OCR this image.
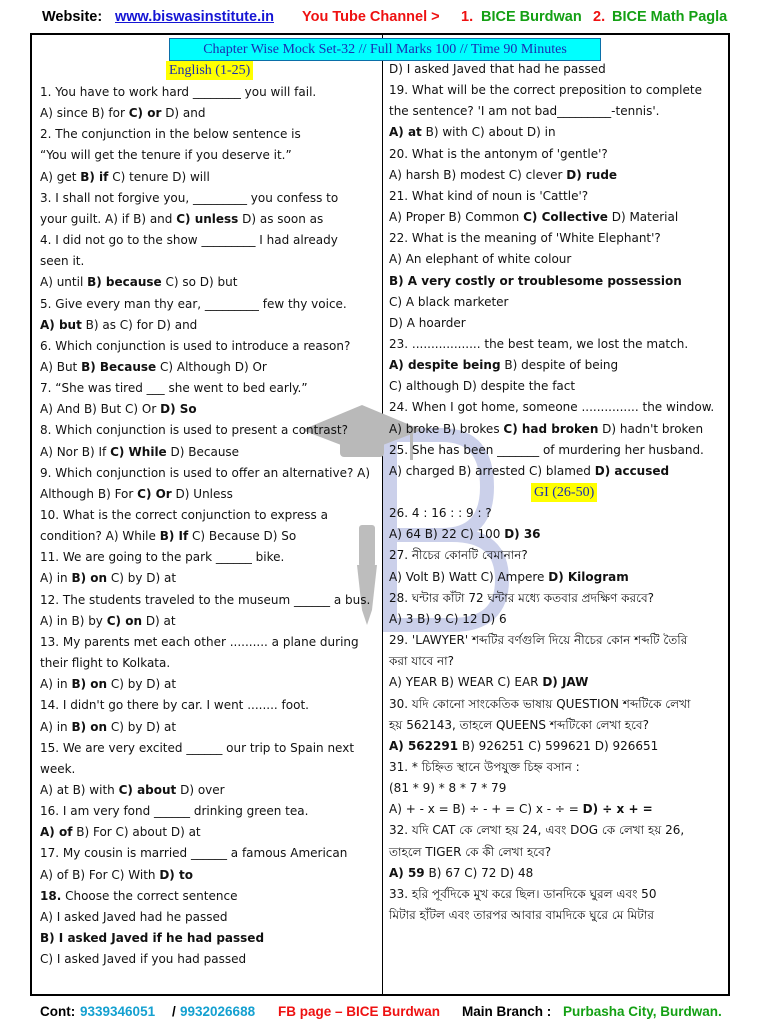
Website: www.biswasinstitute.in You Tube Channel > 1. BICE Burdwan 2. BICE Math Pagla
Chapter Wise Mock Set-32 // Full Marks 100 // Time 90 Minutes
English (1-25)
GI (26-50)
1. You have to work hard ________ you will fail.
A) since B) for C) or D) and
2. The conjunction in the below sentence is
“You will get the tenure if you deserve it.”
A) get B) if C) tenure D) will
3. I shall not forgive you, _________ you confess to
your guilt. A) if B) and C) unless D) as soon as
4. I did not go to the show _________ I had already
seen it.
A) until B) because C) so D) but
5. Give every man thy ear, _________ few thy voice.
A) but B) as C) for D) and
6. Which conjunction is used to introduce a reason?
A) But B) Because C) Although D) Or
7. “She was tired ___ she went to bed early.”
A) And B) But C) Or D) So
8. Which conjunction is used to present a contrast?
A) Nor B) If C) While D) Because
9. Which conjunction is used to offer an alternative? A)
Although B) For C) Or D) Unless
10. What is the correct conjunction to express a
condition? A) While B) If C) Because D) So
11. We are going to the park ______ bike.
A) in B) on C) by D) at
12. The students traveled to the museum ______ a bus.
A) in B) by C) on D) at
13. My parents met each other .......... a plane during
their flight to Kolkata.
A) in B) on C) by D) at
14. I didn't go there by car. I went ........ foot.
A) in B) on C) by D) at
15. We are very excited ______ our trip to Spain next
week.
A) at B) with C) about D) over
16. I am very fond ______ drinking green tea.
A) of B) For C) about D) at
17. My cousin is married ______ a famous American
A) of B) For C) With D) to
18. Choose the correct sentence
A) I asked Javed had he passed
B) I asked Javed if he had passed
C) I asked Javed if you had passed
D) I asked Javed that had he passed
19. What will be the correct preposition to complete
the sentence? 'I am not bad_________-tennis'.
A) at B) with C) about D) in
20. What is the antonym of 'gentle'?
A) harsh B) modest C) clever D) rude
21. What kind of noun is 'Cattle'?
A) Proper B) Common C) Collective D) Material
22. What is the meaning of 'White Elephant'?
A) An elephant of white colour
B) A very costly or troublesome possession
C) A black marketer
D) A hoarder
23. .................. the best team, we lost the match.
A) despite being B) despite of being
C) although D) despite the fact
24. When I got home, someone ............... the window.
A) broke B) brokes C) had broken D) hadn't broken
25. She has been _______ of murdering her husband.
A) charged B) arrested C) blamed D) accused
26. 4 : 16 : : 9 : ?
A) 64 B) 22 C) 100 D) 36
27. নীচের কোনটি বেমানান?
A) Volt B) Watt C) Ampere D) Kilogram
28. ঘন্টার কাঁটা 72 ঘন্টার মধ্যে কতবার প্রদক্ষিণ করবে?
A) 3 B) 9 C) 12 D) 6
29. 'LAWYER' শব্দটির বর্ণগুলি দিয়ে নীচের কোন শব্দটি তৈরি
করা যাবে না?
A) YEAR B) WEAR C) EAR D) JAW
30. যদি কোনো সাংকেতিক ভাষায় QUESTION শব্দটিকে লেখা
হয় 562143, তাহলে QUEENS শব্দটিকো লেখা হবে?
A) 562291 B) 926251 C) 599621 D) 926651
31. * চিহ্নিত স্থানে উপযুক্ত চিহ্ন বসান :
(81 * 9) * 8 * 7 * 79
A) + - x = B) ÷ - + = C) x - ÷ = D) ÷ x + =
32. যদি CAT কে লেখা হয় 24, এবং DOG কে লেখা হয় 26,
তাহলে TIGER কে কী লেখা হবে?
A) 59 B) 67 C) 72 D) 48
33. হরি পূর্বদিকে মুখ করে ছিল। ডানদিকে ঘুরল এবং 50
মিটার হাঁটল এবং তারপর আবার বামদিকে ঘুরে মে মিটার
Cont: 9339346051 / 9932026688 FB page – BICE Burdwan Main Branch : Purbasha City, Burdwan.
